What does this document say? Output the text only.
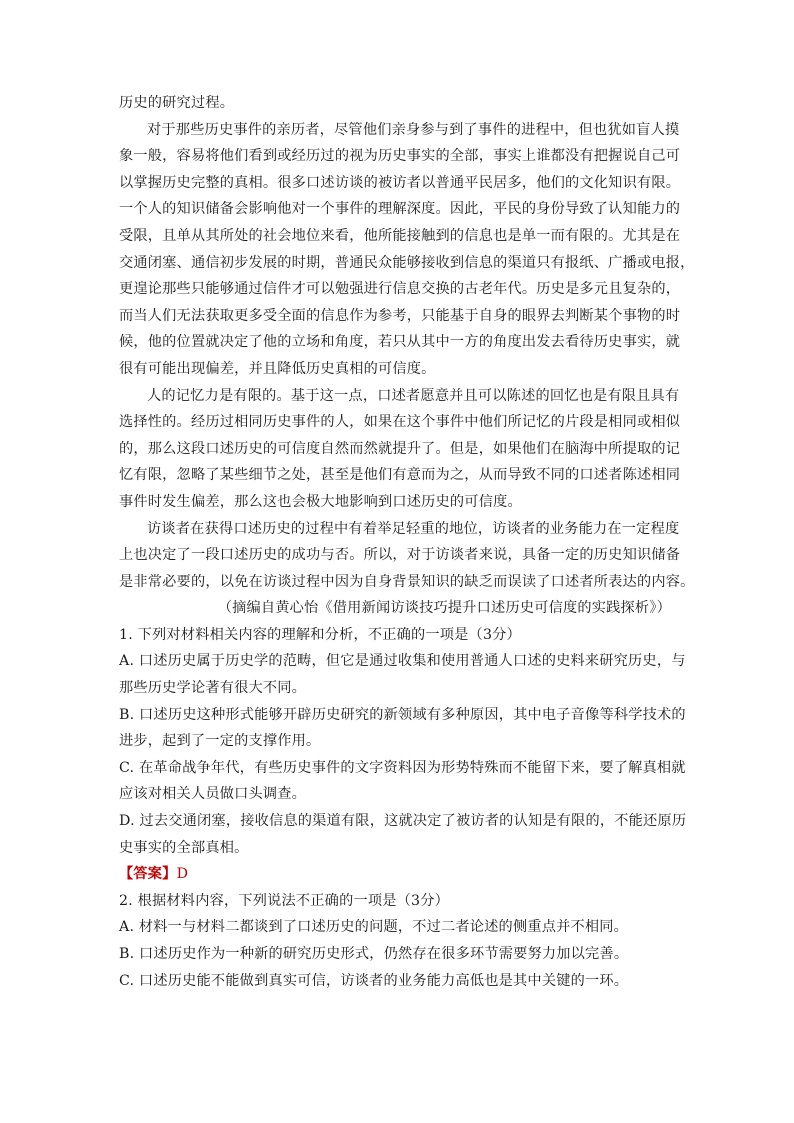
历史的研究过程。
对于那些历史事件的亲历者，尽管他们亲身参与到了事件的进程中，但也犹如盲人摸
象一般，容易将他们看到或经历过的视为历史事实的全部，事实上谁都没有把握说自己可
以掌握历史完整的真相。很多口述访谈的被访者以普通平民居多，他们的文化知识有限。
一个人的知识储备会影响他对一个事件的理解深度。因此，平民的身份导致了认知能力的
受限，且单从其所处的社会地位来看，他所能接触到的信息也是单一而有限的。尤其是在
交通闭塞、通信初步发展的时期，普通民众能够接收到信息的渠道只有报纸、广播或电报，
更遑论那些只能够通过信件才可以勉强进行信息交换的古老年代。历史是多元且复杂的，
而当人们无法获取更多受全面的信息作为参考，只能基于自身的眼界去判断某个事物的时
候，他的位置就决定了他的立场和角度，若只从其中一方的角度出发去看待历史事实，就
很有可能出现偏差，并且降低历史真相的可信度。
人的记忆力是有限的。基于这一点，口述者愿意并且可以陈述的回忆也是有限且具有
选择性的。经历过相同历史事件的人，如果在这个事件中他们所记忆的片段是相同或相似
的，那么这段口述历史的可信度自然而然就提升了。但是，如果他们在脑海中所提取的记
忆有限，忽略了某些细节之处，甚至是他们有意而为之，从而导致不同的口述者陈述相同
事件时发生偏差，那么这也会极大地影响到口述历史的可信度。
访谈者在获得口述历史的过程中有着举足轻重的地位，访谈者的业务能力在一定程度
上也决定了一段口述历史的成功与否。所以，对于访谈者来说，具备一定的历史知识储备
是非常必要的，以免在访谈过程中因为自身背景知识的缺乏而误读了口述者所表达的内容。
（摘编自黄心怡《借用新闻访谈技巧提升口述历史可信度的实践探析》）
1. 下列对材料相关内容的理解和分析，不正确的一项是（3分）
A. 口述历史属于历史学的范畴，但它是通过收集和使用普通人口述的史料来研究历史，与
那些历史学论著有很大不同。
B. 口述历史这种形式能够开辟历史研究的新领域有多种原因，其中电子音像等科学技术的
进步，起到了一定的支撑作用。
C. 在革命战争年代，有些历史事件的文字资料因为形势特殊而不能留下来，要了解真相就
应该对相关人员做口头调查。
D. 过去交通闭塞，接收信息的渠道有限，这就决定了被访者的认知是有限的，不能还原历
史事实的全部真相。
【答案】D
2. 根据材料内容，下列说法不正确的一项是（3分）
A. 材料一与材料二都谈到了口述历史的问题，不过二者论述的侧重点并不相同。
B. 口述历史作为一种新的研究历史形式，仍然存在很多环节需要努力加以完善。
C. 口述历史能不能做到真实可信，访谈者的业务能力高低也是其中关键的一环。
